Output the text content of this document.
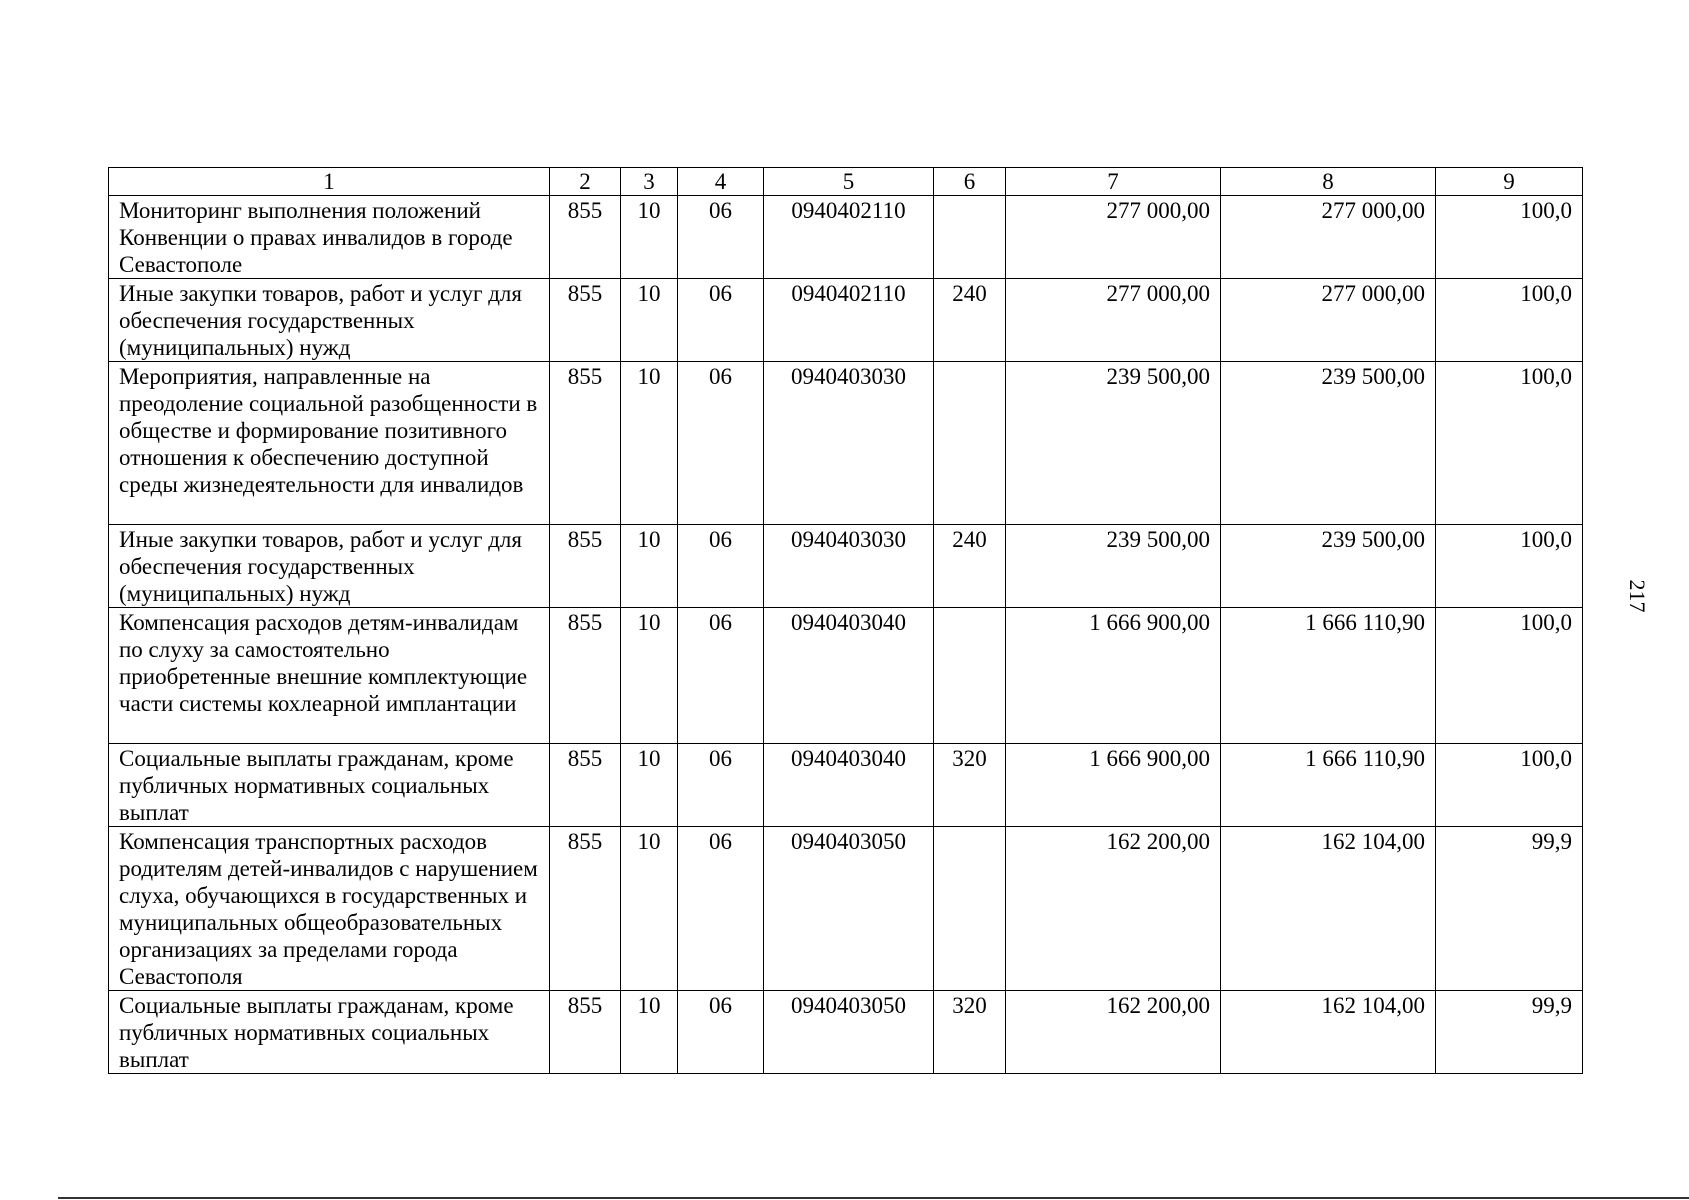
1	2	3	4	5	6	7	8	9
Мониторинг выполнения положений Конвенции о правах инвалидов в городе Севастополе	855	10	06	0940402110		277 000,00	277 000,00	100,0
Иные закупки товаров, работ и услуг для обеспечения государственных (муниципальных) нужд	855	10	06	0940402110	240	277 000,00	277 000,00	100,0
Мероприятия, направленные на преодоление социальной разобщенности в обществе и формирование позитивного отношения к обеспечению доступной среды жизнедеятельности для инвалидов	855	10	06	0940403030		239 500,00	239 500,00	100,0
Иные закупки товаров, работ и услуг для обеспечения государственных (муниципальных) нужд	855	10	06	0940403030	240	239 500,00	239 500,00	100,0
Компенсация расходов детям-инвалидам по слуху за самостоятельно приобретенные внешние комплектующие части системы кохлеарной имплантации	855	10	06	0940403040		1 666 900,00	1 666 110,90	100,0
Социальные выплаты гражданам, кроме публичных нормативных социальных выплат	855	10	06	0940403040	320	1 666 900,00	1 666 110,90	100,0
Компенсация транспортных расходов родителям детей-инвалидов с нарушением слуха, обучающихся в государственных и муниципальных общеобразовательных организациях за пределами города Севастополя	855	10	06	0940403050		162 200,00	162 104,00	99,9
Социальные выплаты гражданам, кроме публичных нормативных социальных выплат	855	10	06	0940403050	320	162 200,00	162 104,00	99,9
217
